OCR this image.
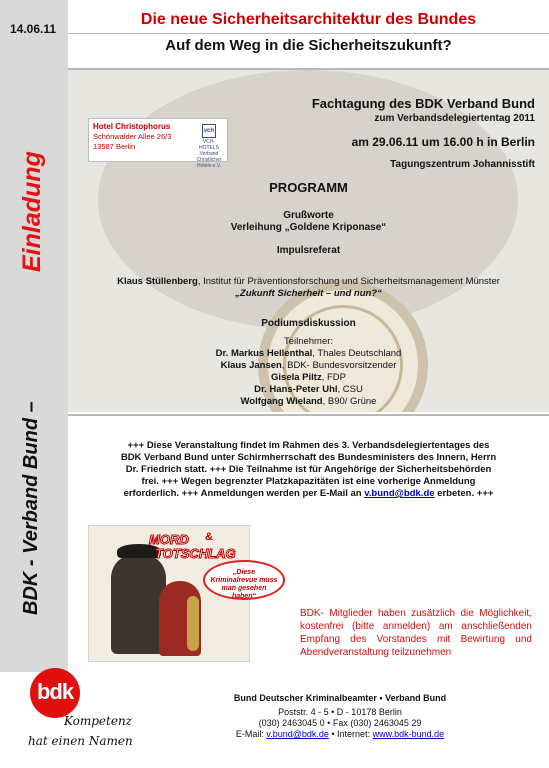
14.06.11
Einladung
BDK - Verband Bund –
Die neue Sicherheitsarchitektur des Bundes
Auf dem Weg in die Sicherheitszukunft?
Hotel Christophorus
Schönwalder Allee 26/3
13587 Berlin
vch
VCH-HOTELS
Verband Christlicher Hotels e.V.
Fachtagung des BDK Verband Bund
zum Verbandsdelegiertentag 2011
am 29.06.11 um 16.00 h in Berlin
Tagungszentrum Johannisstift
PROGRAMM
Grußworte
Verleihung „Goldene Kriponase“
Impulsreferat
Klaus Stüllenberg, Institut für Präventionsforschung und Sicherheitsmanagement Münster
„Zukunft Sicherheit – und nun?“
Podiumsdiskussion
Teilnehmer:
Dr. Markus Hellenthal, Thales Deutschland
Klaus Jansen, BDK- Bundesvorsitzender
Gisela Piltz, FDP
Dr. Hans-Peter Uhl, CSU
Wolfgang Wieland, B90/ Grüne
+++ Diese Veranstaltung findet im Rahmen des 3. Verbandsdelegiertentages des
BDK Verband Bund unter Schirmherrschaft des Bundesministers des Innern, Herrn
Dr. Friedrich statt. +++ Die Teilnahme ist für Angehörige der Sicherheitsbehörden
frei. +++ Wegen begrenzter Platzkapazitäten ist eine vorherige Anmeldung
erforderlich. +++ Anmeldungen werden per E-Mail an v.bund@bdk.de erbeten. +++
MORD &
TOTSCHLAG
„Diese
Kriminalrevue muss
man gesehen
haben“
BDK- Mitglieder haben zusätzlich die Möglichkeit, kostenfrei (bitte anmelden) am anschließenden Empfang des Vorstandes mit Bewirtung und Abendveranstaltung teilzunehmen
bdk
Kompetenz
hat einen Namen
Bund Deutscher Kriminalbeamter • Verband Bund
Poststr. 4 - 5 • D - 10178 Berlin
(030) 2463045 0 • Fax (030) 2463045 29
E-Mail: v.bund@bdk.de • Internet: www.bdk-bund.de
